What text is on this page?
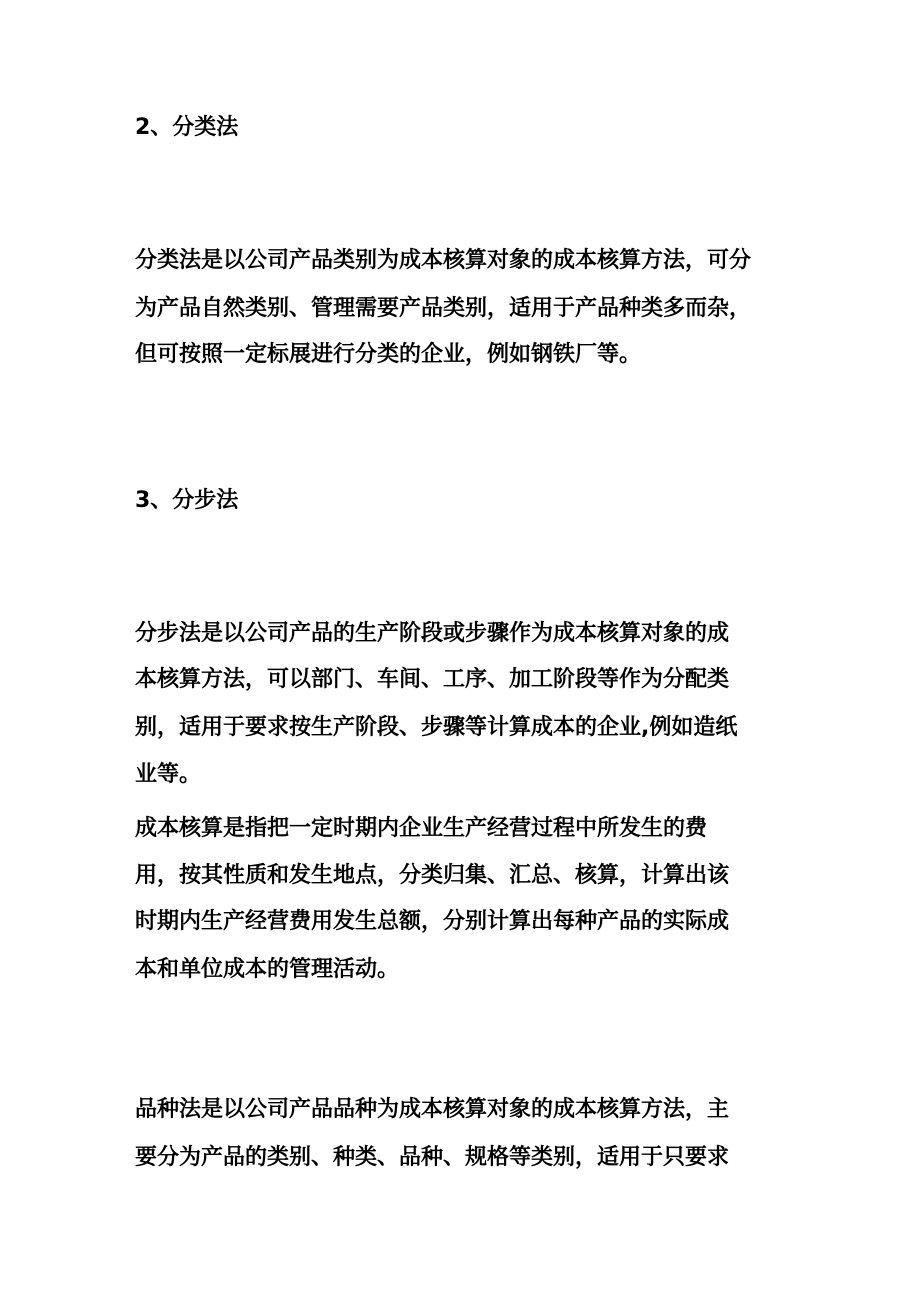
2、分类法
分类法是以公司产品类别为成本核算对象的成本核算方法，可分
为产品自然类别、管理需要产品类别，适用于产品种类多而杂，
但可按照一定标展进行分类的企业，例如钢铁厂等。
3、分步法
分步法是以公司产品的生产阶段或步骤作为成本核算对象的成
本核算方法，可以部门、车间、工序、加工阶段等作为分配类
别，适用于要求按生产阶段、步骤等计算成本的企业,例如造纸
业等。
成本核算是指把一定时期内企业生产经营过程中所发生的费
用，按其性质和发生地点，分类归集、汇总、核算，计算出该
时期内生产经营费用发生总额，分别计算出每种产品的实际成
本和单位成本的管理活动。
品种法是以公司产品品种为成本核算对象的成本核算方法，主
要分为产品的类别、种类、品种、规格等类别，适用于只要求
